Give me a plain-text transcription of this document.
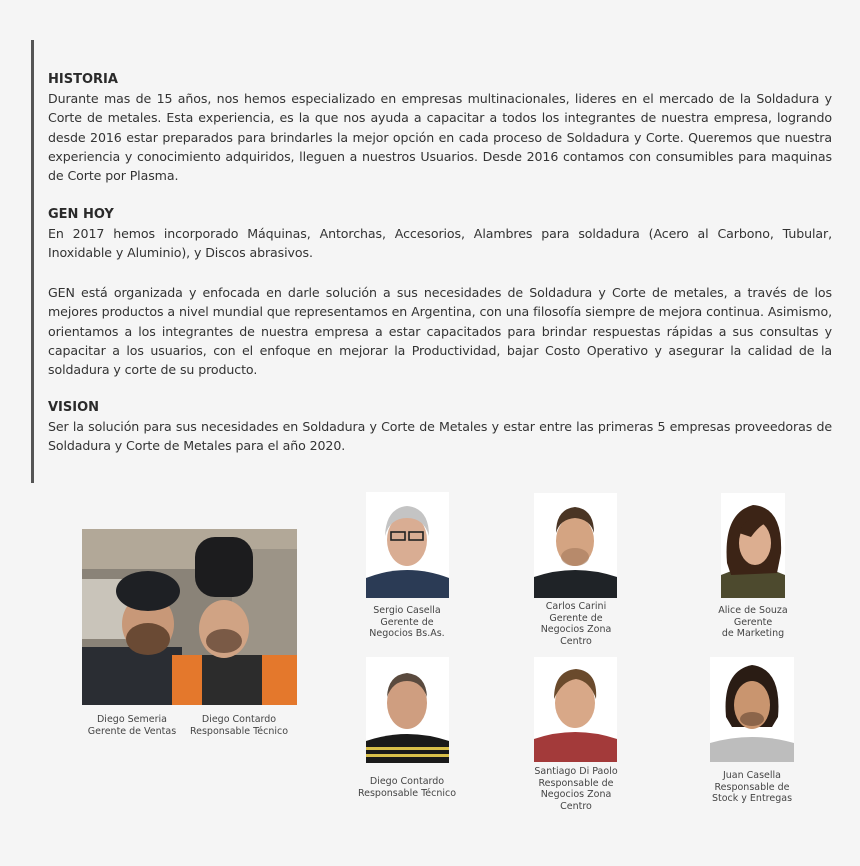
HISTORIA

Durante mas de 15 años, nos hemos especializado en empresas multinacionales, lideres en el mercado de la Soldadura y Corte de metales. Esta experiencia, es la que nos ayuda a capacitar a todos los integrantes de nuestra empresa, logrando desde 2016 estar preparados para brindarles la mejor opción en cada proceso de Soldadura y Corte. Queremos que nuestra experiencia y conocimiento adquiridos, lleguen a nuestros Usuarios. Desde 2016 contamos con consumibles para maquinas de Corte por Plasma.

GEN HOY

En 2017 hemos incorporado Máquinas, Antorchas, Accesorios, Alambres para soldadura (Acero al Carbono, Tubular, Inoxidable y Aluminio), y Discos abrasivos.

GEN está organizada y enfocada en darle solución a sus necesidades de Soldadura y Corte de metales, a través de los mejores productos a nivel mundial que representamos en Argentina, con una filosofía siempre de mejora continua. Asimismo, orientamos a los integrantes de nuestra empresa a estar capacitados para brindar respuestas rápidas a sus consultas y capacitar a los usuarios, con el enfoque en mejorar la Productividad, bajar Costo Operativo y asegurar la calidad de la soldadura y corte de su producto.

VISION

Ser la solución para sus necesidades en Soldadura y Corte de Metales y estar entre las primeras 5 empresas proveedoras de Soldadura y Corte de Metales para el año 2020.

Diego Semeria
Gerente de Ventas
Diego Contardo
Responsable Técnico
Sergio Casella
Gerente de
Negocios Bs.As.
Carlos Carini
Gerente de
Negocios Zona
Centro
Alice de Souza
Gerente
de Marketing
Diego Contardo
Responsable Técnico
Santiago Di Paolo
Responsable de
Negocios Zona
Centro
Juan Casella
Responsable de
Stock y Entregas
